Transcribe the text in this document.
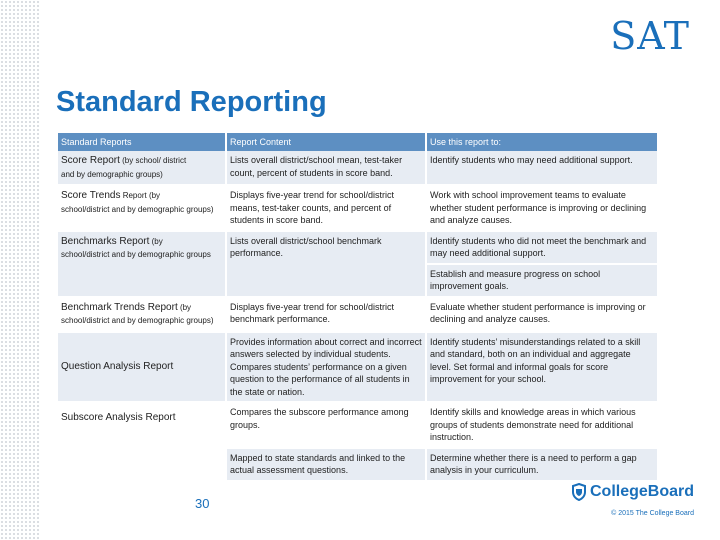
SAT
Standard Reporting
Standard Reports	Report Content	Use this report to:
Score Report (by school/ district
and by demographic groups)	Lists overall district/school mean, test-taker count, percent of students in score band.	Identify students who may need additional support.
Score Trends Report (by
school/district and by demographic groups)	Displays five-year trend for school/district means, test-taker counts, and percent of students in score band.	Work with school improvement teams to evaluate whether student performance is improving or declining and analyze causes.
Benchmarks Report (by
school/district and by demographic groups	Lists overall district/school benchmark performance.	Identify students who did not meet the benchmark and may need additional support.
		Establish and measure progress on school improvement goals.
Benchmark Trends Report (by
school/district and by demographic groups)	Displays five-year trend for school/district benchmark performance.	Evaluate whether student performance is improving or declining and analyze causes.
Question Analysis Report	Provides information about correct and incorrect answers selected by individual students. Compares students’ performance on a given question to the performance of all students in the state or nation.	Identify students’ misunderstandings related to a skill and standard, both on an individual and aggregate level. Set formal and informal goals for score improvement for your school.
Subscore Analysis Report	Compares the subscore performance among groups.	Identify skills and knowledge areas in which various groups of students demonstrate need for additional instruction.
	Mapped to state standards and linked to the actual assessment questions.	Determine whether there is a need to perform a gap analysis in your curriculum.
30
CollegeBoard
© 2015 The College Board
